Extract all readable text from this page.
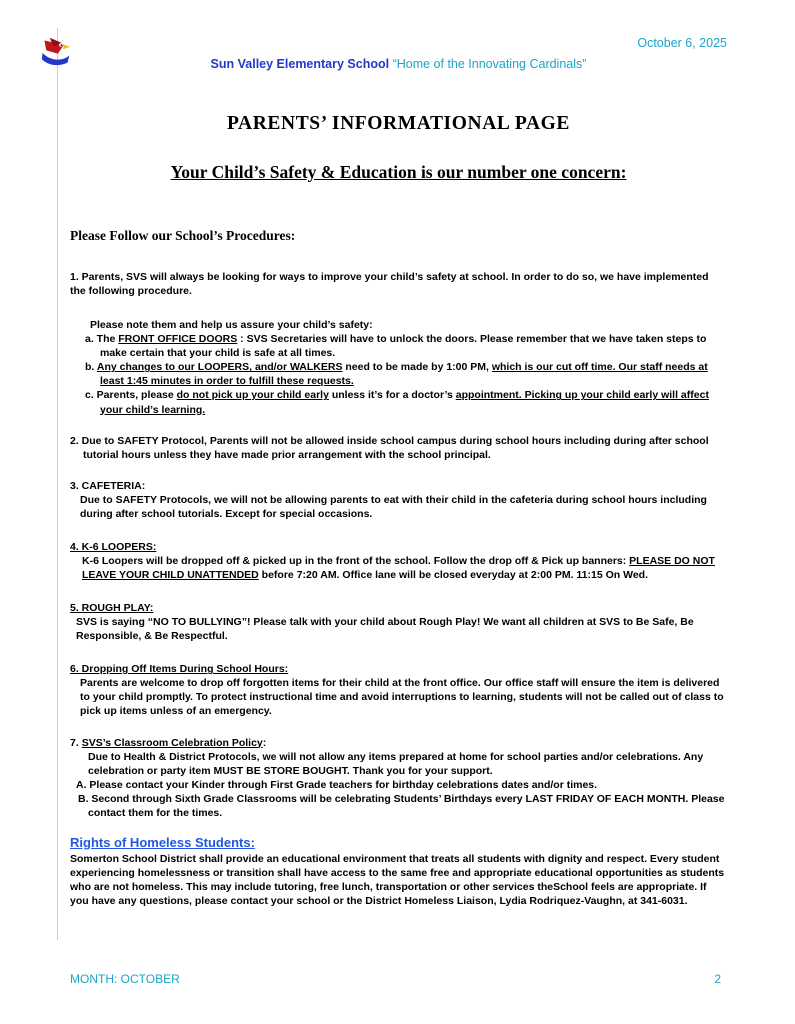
October 6, 2025
Sun Valley Elementary School “Home of the Innovating Cardinals”
PARENTS’ INFORMATIONAL PAGE
Your Child’s Safety & Education is our number one concern:
Please Follow our School’s Procedures:
1. Parents, SVS will always be looking for ways to improve your child’s safety at school. In order to do so, we have implemented the following procedure.
Please note them and help us assure your child’s safety:
a. The FRONT OFFICE DOORS : SVS Secretaries will have to unlock the doors. Please remember that we have taken steps to make certain that your child is safe at all times.
b. Any changes to our LOOPERS, and/or WALKERS need to be made by 1:00 PM, which is our cut off time. Our staff needs at least 1:45 minutes in order to fulfill these requests.
c. Parents, please do not pick up your child early unless it’s for a doctor’s appointment. Picking up your child early will affect your child’s learning.
2. Due to SAFETY Protocol, Parents will not be allowed inside school campus during school hours including during after school tutorial hours unless they have made prior arrangement with the school principal.
3. CAFETERIA:
Due to SAFETY Protocols, we will not be allowing parents to eat with their child in the cafeteria during school hours including during after school tutorials. Except for special occasions.
4. K-6 LOOPERS:
K-6 Loopers will be dropped off & picked up in the front of the school. Follow the drop off & Pick up banners: PLEASE DO NOT LEAVE YOUR CHILD UNATTENDED before 7:20 AM. Office lane will be closed everyday at 2:00 PM. 11:15 On Wed.
5. ROUGH PLAY:
SVS is saying “NO TO BULLYING”! Please talk with your child about Rough Play! We want all children at SVS to Be Safe, Be Responsible, & Be Respectful.
6. Dropping Off Items During School Hours:
Parents are welcome to drop off forgotten items for their child at the front office. Our office staff will ensure the item is delivered to your child promptly. To protect instructional time and avoid interruptions to learning, students will not be called out of class to pick up items unless of an emergency.
7. SVS’s Classroom Celebration Policy:
Due to Health & District Protocols, we will not allow any items prepared at home for school parties and/or celebrations. Any celebration or party item MUST BE STORE BOUGHT. Thank you for your support.
A. Please contact your Kinder through First Grade teachers for birthday celebrations dates and/or times.
B. Second through Sixth Grade Classrooms will be celebrating Students’ Birthdays every LAST FRIDAY OF EACH MONTH. Please contact them for the times.
Rights of Homeless Students:
Somerton School District shall provide an educational environment that treats all students with dignity and respect. Every student experiencing homelessness or transition shall have access to the same free and appropriate educational opportunities as students who are not homeless. This may include tutoring, free lunch, transportation or other services theSchool feels are appropriate. If you have any questions, please contact your school or the District Homeless Liaison, Lydia Rodriquez-Vaughn, at 341-6031.
MONTH: OCTOBER	2
